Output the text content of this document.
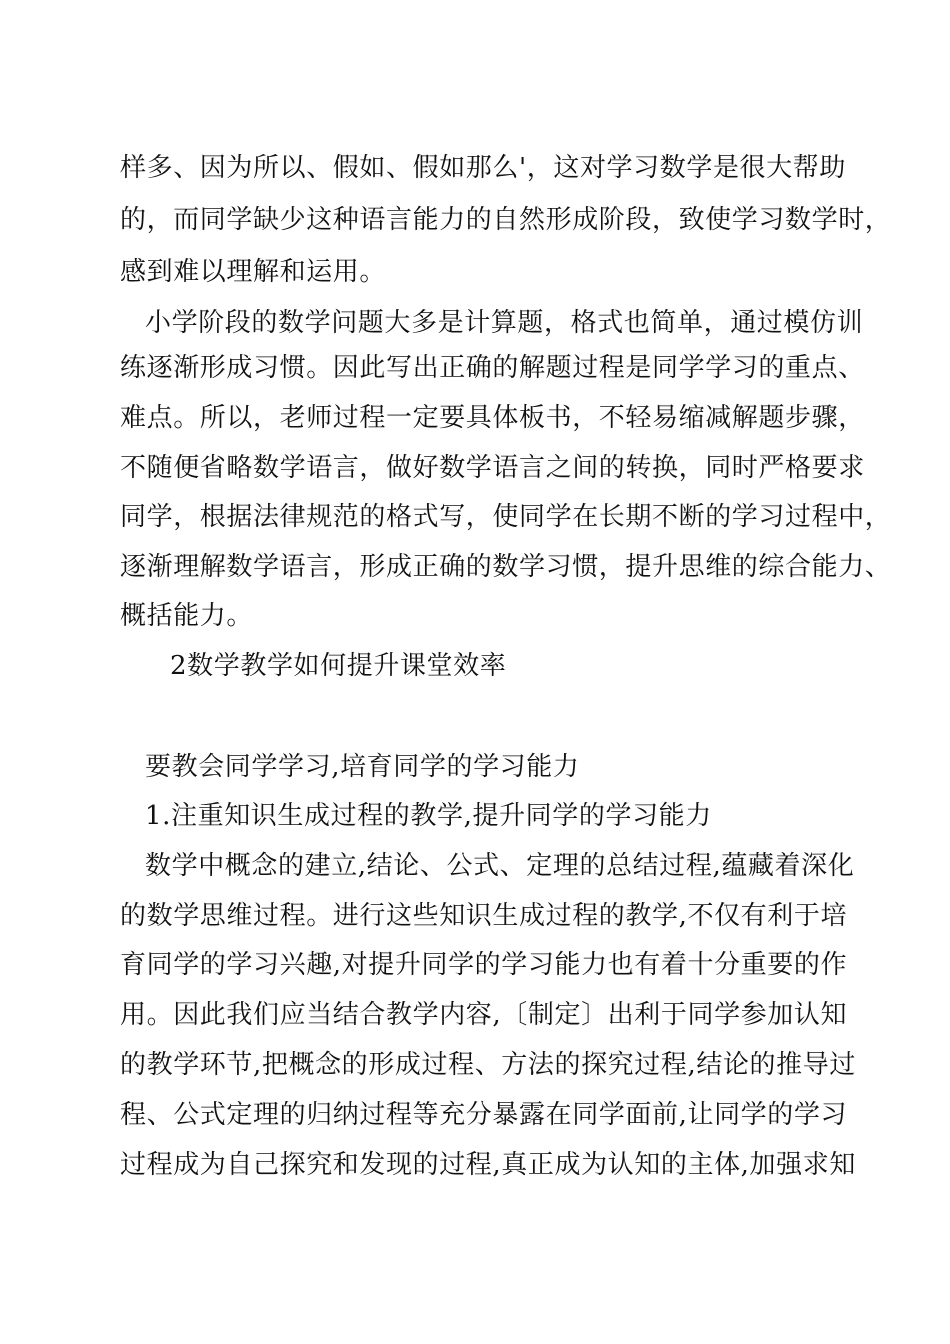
样多、因为所以、假如、假如那么'，这对学习数学是很大帮助
的，而同学缺少这种语言能力的自然形成阶段，致使学习数学时，
感到难以理解和运用。
小学阶段的数学问题大多是计算题，格式也简单，通过模仿训
练逐渐形成习惯。因此写出正确的解题过程是同学学习的重点、
难点。所以，老师过程一定要具体板书，不轻易缩减解题步骤，
不随便省略数学语言，做好数学语言之间的转换，同时严格要求
同学，根据法律规范的格式写，使同学在长期不断的学习过程中，
逐渐理解数学语言，形成正确的数学习惯，提升思维的综合能力、
概括能力。
2数学教学如何提升课堂效率
要教会同学学习,培育同学的学习能力
1.注重知识生成过程的教学,提升同学的学习能力
数学中概念的建立,结论、公式、定理的总结过程,蕴藏着深化
的数学思维过程。进行这些知识生成过程的教学,不仅有利于培
育同学的学习兴趣,对提升同学的学习能力也有着十分重要的作
用。因此我们应当结合教学内容,〔制定〕出利于同学参加认知
的教学环节,把概念的形成过程、方法的探究过程,结论的推导过
程、公式定理的归纳过程等充分暴露在同学面前,让同学的学习
过程成为自己探究和发现的过程,真正成为认知的主体,加强求知
